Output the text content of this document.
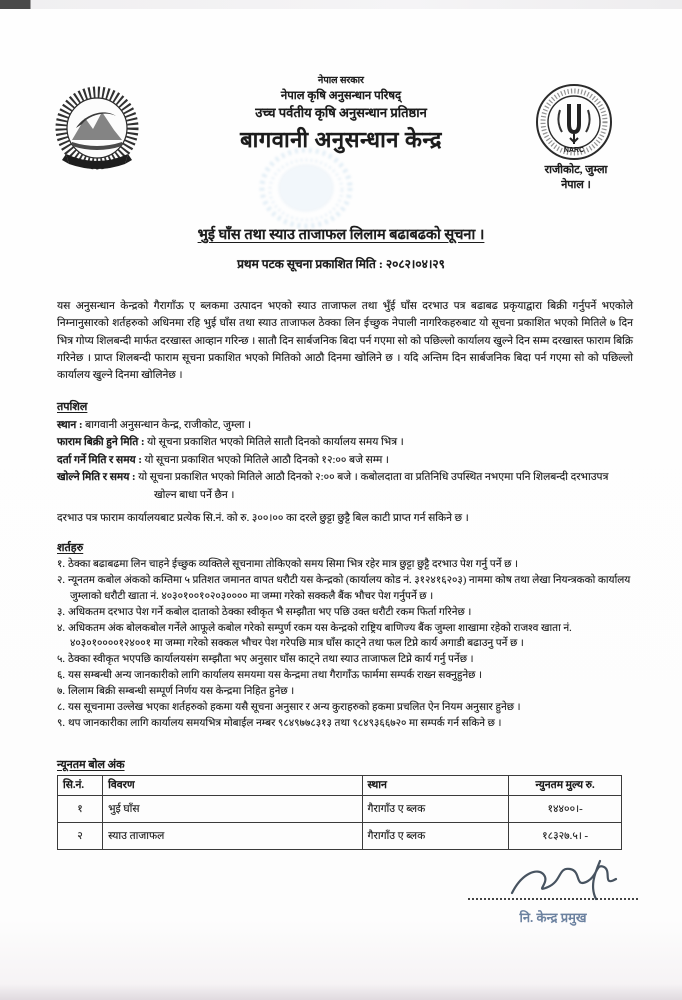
NARC
नेपाल सरकार
नेपाल कृषि अनुसन्धान परिषद्
उच्च पर्वतीय कृषि अनुसन्धान प्रतिष्ठान
बागवानी अनुसन्धान केन्द्र
राजीकोट, जुम्ला
नेपाल ।
भुई घाँस तथा स्याउ ताजाफल लिलाम बढाबढको सूचना ।
प्रथम पटक सूचना प्रकाशित मिति : २०८२।०४।२९
यस अनुसन्धान केन्द्रको गैरागाँऊ ए ब्लकमा उत्पादन भएको स्याउ ताजाफल तथा भुँई घाँस दरभाउ पत्र बढाबढ प्रकृयाद्वारा बिक्री गर्नुपर्ने भएकोले निम्नानुसारको शर्तहरुको अधिनमा रहि भुई घाँस तथा स्याउ ताजाफल ठेक्का लिन ईच्छुक नेपाली नागरिकहरुबाट यो सूचना प्रकाशित भएको मितिले ७ दिन भित्र गोप्य शिलबन्दी मार्फत दरखास्त आव्हान गरिन्छ । सातौ दिन सार्बजनिक बिदा पर्न गएमा सो को पछिल्लो कार्यालय खुल्ने दिन सम्म दरखास्त फाराम बिक्रि गरिनेछ । प्राप्त शिलबन्दी फाराम सूचना प्रकाशित भएको मितिको आठौ दिनमा खोलिने छ । यदि अन्तिम दिन सार्बजनिक बिदा पर्न गएमा सो को पछिल्लो कार्यालय खुल्ने दिनमा खोलिनेछ ।
तपशिल
स्थान : बागवानी अनुसन्धान केन्द्र, राजीकोट, जुम्ला ।
फाराम बिक्री हुने मिति : यो सूचना प्रकाशित भएको मितिले सातौ दिनको कार्यालय समय भित्र ।
दर्ता गर्ने मिति र समय : यो सूचना प्रकाशित भएको मितिले आठौ दिनको १२:०० बजे सम्म ।
खोल्ने मिति र समय : यो सूचना प्रकाशित भएको मितिले आठौ दिनको २:०० बजे । कबोलदाता वा प्रतिनिधि उपस्थित नभएमा पनि शिलबन्दी दरभाउपत्र खोल्न बाधा पर्ने छैन ।
दरभाउ पत्र फाराम कार्यालयबाट प्रत्येक सि.नं. को रु. ३००।०० का दरले छुट्टा छुट्टै बिल काटी प्राप्त गर्न सकिने छ ।
शर्तहरु
१. ठेक्का बढाबढमा लिन चाहने ईच्छुक व्यक्तिले सूचनामा तोकिएको समय सिमा भित्र रहेर मात्र छुट्टा छुट्टै दरभाउ पेश गर्नु पर्ने छ ।
२. न्यूनतम कबोल अंकको कम्तिमा ५ प्रतिशत जमानत वापत धरौटी यस केन्द्रको (कार्यालय कोड नं. ३१२४१६२०३) नाममा कोष तथा लेखा नियन्त्रकको कार्यालय जुम्लाको धरौटी खाता नं. ४०३०१००१०२०३०००० मा जम्मा गरेको सक्कलै बैंक भौचर पेश गर्नुपर्ने छ ।
३. अधिकतम दरभाउ पेश गर्ने कबोल दाताको ठेक्का स्वीकृत भै सम्झौता भए पछि उक्त धरौटी रकम फिर्ता गरिनेछ ।
४. अधिकतम अंक बोलकबोल गर्नेले आफूले कबोल गरेको सम्पुर्ण रकम यस केन्द्रको राष्ट्रिय बाणिज्य बैंक जुम्ला शाखामा रहेको राजश्व खाता नं. ४०३०१००००१२४००१ मा जम्मा गरेको सक्कल भौचर पेश गरेपछि मात्र घाँस काट्ने तथा फल टिप्ने कार्य अगाडी बढाउनु पर्ने छ ।
५. ठेक्का स्वीकृत भएपछि कार्यालयसंग सम्झौता भए अनुसार घाँस काट्ने तथा स्याउ ताजाफल टिप्ने कार्य गर्नु पर्नेछ ।
६. यस सम्बन्धी अन्य जानकारीको लागि कार्यालय समयमा यस केन्द्रमा तथा गैरागाँऊ फार्ममा सम्पर्क राख्न सक्नुहुनेछ ।
७. लिलाम बिक्री सम्बन्धी सम्पूर्ण निर्णय यस केन्द्रमा निहित हुनेछ ।
८. यस सूचनामा उल्लेख भएका शर्तहरुको हकमा यसै सूचना अनुसार र अन्य कुराहरुको हकमा प्रचलित ऐन नियम अनुसार हुनेछ ।
९. थप जानकारीका लागि कार्यालय समयभित्र मोबाईल नम्बर ९८४९७७८३१३ तथा ९८४९३६६७२० मा सम्पर्क गर्न सकिने छ ।
न्यूनतम बोल अंक
सि.नं.	विवरण	स्थान	न्युनतम मुल्य रु.
१	भुई घाँस	गैरागाँउ ए ब्लक	१४४००।-
२	स्याउ ताजाफल	गैरागाँउ ए ब्लक	१८३२७.५। -
नि. केन्द्र प्रमुख
